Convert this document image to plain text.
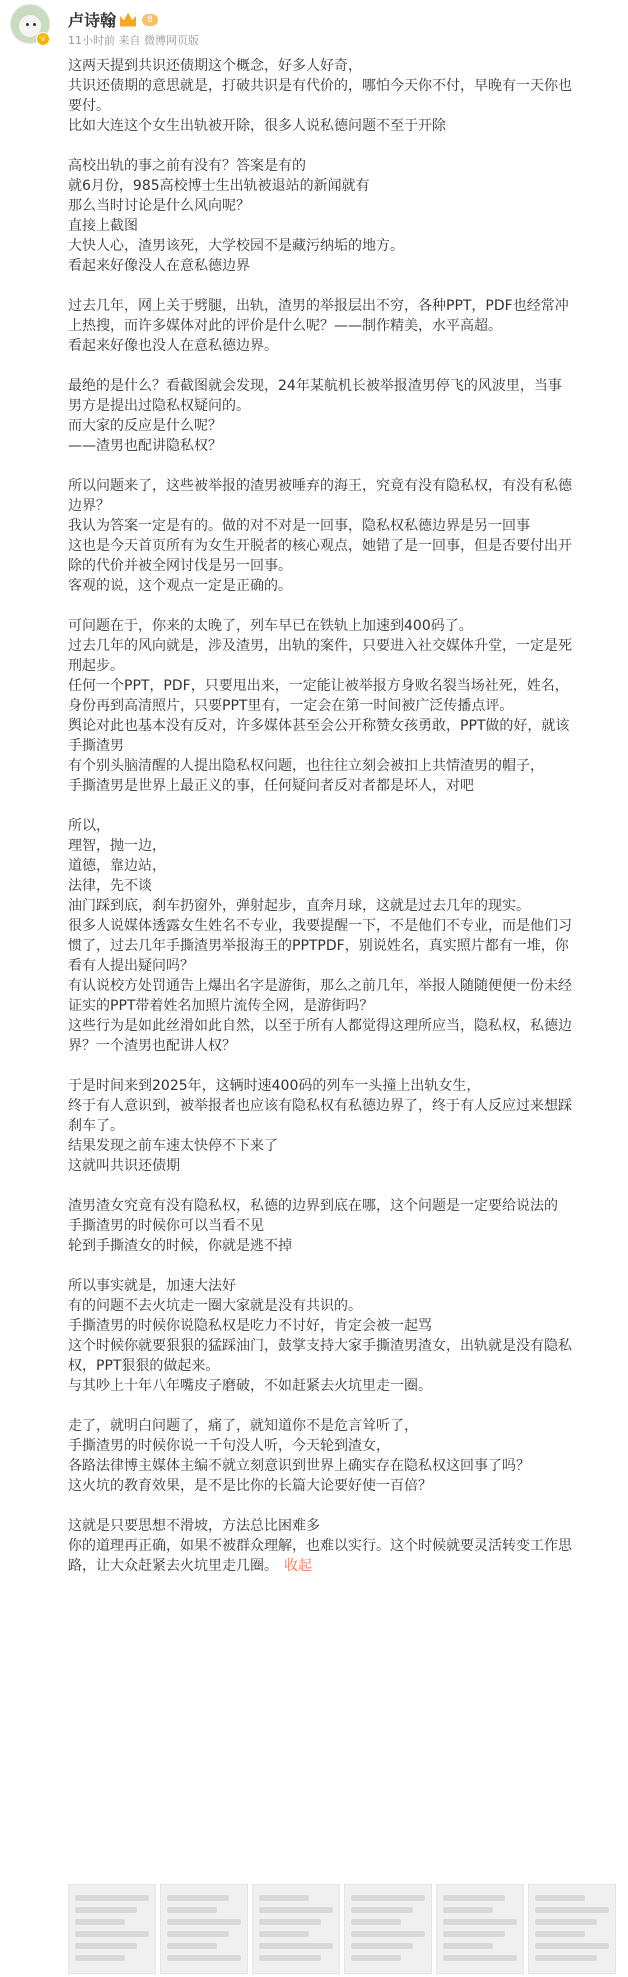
v
卢诗翰	8
11小时前 来自 微博网页版
这两天提到共识还债期这个概念，好多人好奇，
共识还债期的意思就是，打破共识是有代价的，哪怕今天你不付，早晚有一天你也
要付。
比如大连这个女生出轨被开除，很多人说私德问题不至于开除
高校出轨的事之前有没有？答案是有的
就6月份，985高校博士生出轨被退站的新闻就有
那么当时讨论是什么风向呢？
直接上截图
大快人心，渣男该死，大学校园不是藏污纳垢的地方。
看起来好像没人在意私德边界
过去几年，网上关于劈腿，出轨，渣男的举报层出不穷，各种PPT，PDF也经常冲
上热搜，而许多媒体对此的评价是什么呢？——制作精美，水平高超。
看起来好像也没人在意私德边界。
最绝的是什么？看截图就会发现，24年某航机长被举报渣男停飞的风波里，当事
男方是提出过隐私权疑问的。
而大家的反应是什么呢？
——渣男也配讲隐私权？
所以问题来了，这些被举报的渣男被唾弃的海王，究竟有没有隐私权，有没有私德
边界？
我认为答案一定是有的。做的对不对是一回事，隐私权私德边界是另一回事
这也是今天首页所有为女生开脱者的核心观点，她错了是一回事，但是否要付出开
除的代价并被全网讨伐是另一回事。
客观的说，这个观点一定是正确的。
可问题在于，你来的太晚了，列车早已在铁轨上加速到400码了。
过去几年的风向就是，涉及渣男，出轨的案件，只要进入社交媒体升堂，一定是死
刑起步。
任何一个PPT，PDF，只要甩出来，一定能让被举报方身败名裂当场社死，姓名，
身份再到高清照片，只要PPT里有，一定会在第一时间被广泛传播点评。
舆论对此也基本没有反对，许多媒体甚至会公开称赞女孩勇敢，PPT做的好，就该
手撕渣男
有个别头脑清醒的人提出隐私权问题，也往往立刻会被扣上共情渣男的帽子，
手撕渣男是世界上最正义的事，任何疑问者反对者都是坏人，对吧
所以，
理智，抛一边，
道德，靠边站，
法律，先不谈
油门踩到底，刹车扔窗外，弹射起步，直奔月球，这就是过去几年的现实。
很多人说媒体透露女生姓名不专业，我要提醒一下，不是他们不专业，而是他们习
惯了，过去几年手撕渣男举报海王的PPTPDF，别说姓名，真实照片都有一堆，你
看有人提出疑问吗？
有认说校方处罚通告上爆出名字是游街，那么之前几年，举报人随随便便一份未经
证实的PPT带着姓名加照片流传全网，是游街吗？
这些行为是如此丝滑如此自然，以至于所有人都觉得这理所应当，隐私权，私德边
界？一个渣男也配讲人权？
于是时间来到2025年，这辆时速400码的列车一头撞上出轨女生，
终于有人意识到，被举报者也应该有隐私权有私德边界了，终于有人反应过来想踩
刹车了。
结果发现之前车速太快停不下来了
这就叫共识还债期
渣男渣女究竟有没有隐私权，私德的边界到底在哪，这个问题是一定要给说法的
手撕渣男的时候你可以当看不见
轮到手撕渣女的时候，你就是逃不掉
所以事实就是，加速大法好
有的问题不去火坑走一圈大家就是没有共识的。
手撕渣男的时候你说隐私权是吃力不讨好，肯定会被一起骂
这个时候你就要狠狠的猛踩油门，鼓掌支持大家手撕渣男渣女，出轨就是没有隐私
权，PPT狠狠的做起来。
与其吵上十年八年嘴皮子磨破，不如赶紧去火坑里走一圈。
走了，就明白问题了，痛了，就知道你不是危言耸听了，
手撕渣男的时候你说一千句没人听，今天轮到渣女，
各路法律博主媒体主编不就立刻意识到世界上确实存在隐私权这回事了吗？
这火坑的教育效果，是不是比你的长篇大论要好使一百倍？
这就是只要思想不滑坡，方法总比困难多
你的道理再正确，如果不被群众理解，也难以实行。这个时候就要灵活转变工作思
路，让大众赶紧去火坑里走几圈。 收起
